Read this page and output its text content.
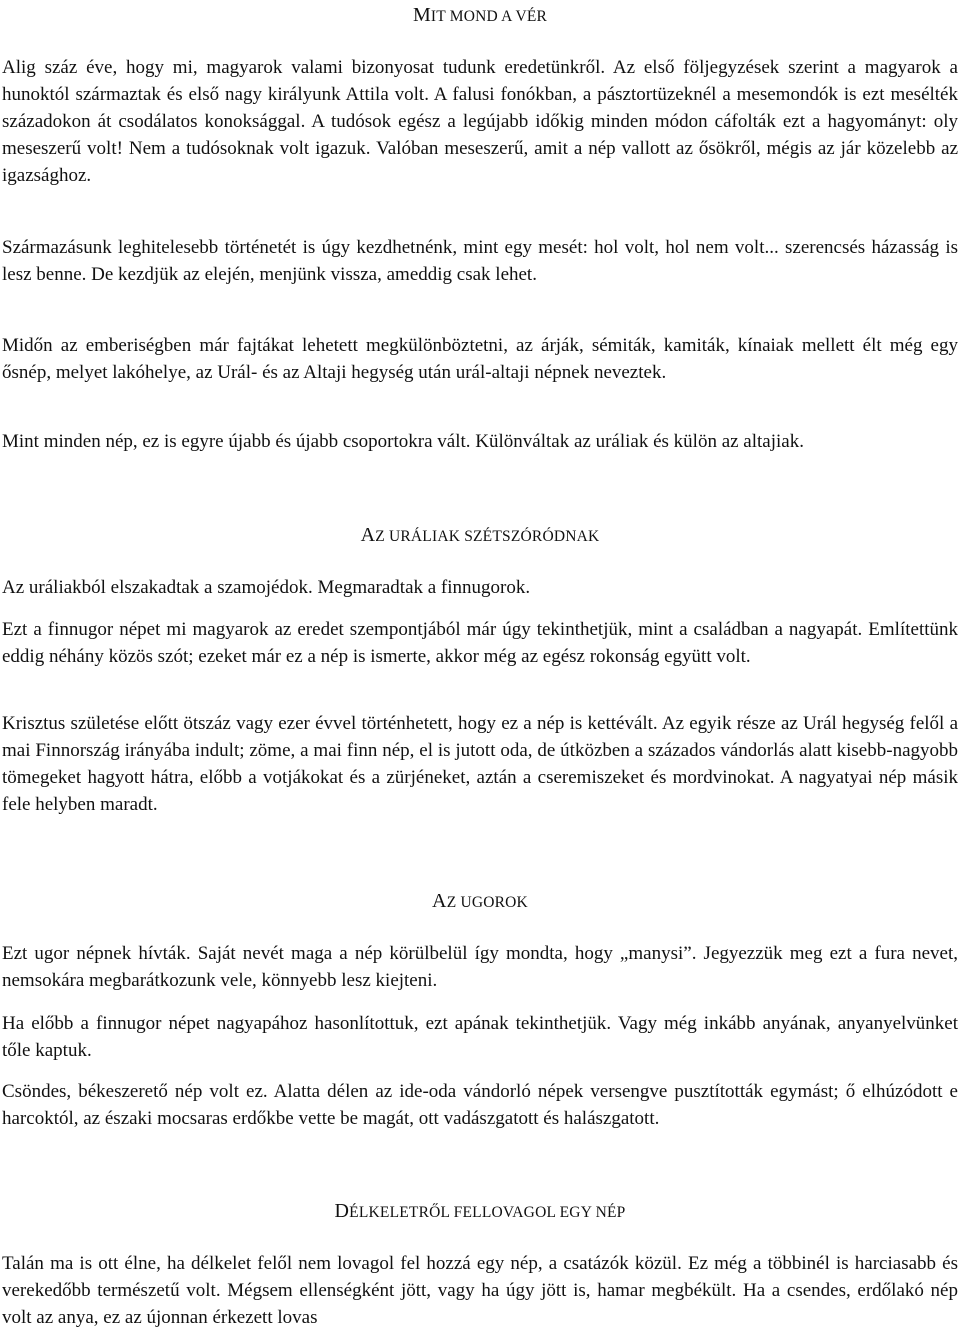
MIT MOND A VÉR

Alig száz éve, hogy mi, magyarok valami bizonyosat tudunk eredetünkről. Az első följegyzések szerint a magyarok a hunoktól származtak és első nagy királyunk Attila volt. A falusi fonókban, a pásztortüzeknél a mesemondók is ezt mesélték századokon át csodálatos konoksággal. A tudósok egész a legújabb időkig minden módon cáfolták ezt a hagyományt: oly meseszerű volt! Nem a tudósoknak volt igazuk. Valóban meseszerű, amit a nép vallott az ősökről, mégis az jár közelebb az igazsághoz.

Származásunk leghitelesebb történetét is úgy kezdhetnénk, mint egy mesét: hol volt, hol nem volt... szerencsés házasság is lesz benne. De kezdjük az elején, menjünk vissza, ameddig csak lehet.

Midőn az emberiségben már fajtákat lehetett megkülönböztetni, az árják, sémiták, kamiták, kínaiak mellett élt még egy ősnép, melyet lakóhelye, az Urál- és az Altaji hegység után urál-altaji népnek neveztek.

Mint minden nép, ez is egyre újabb és újabb csoportokra vált. Különváltak az uráliak és külön az altajiak.

AZ URÁLIAK SZÉTSZÓRÓDNAK

Az uráliakból elszakadtak a szamojédok. Megmaradtak a finnugorok.

Ezt a finnugor népet mi magyarok az eredet szempontjából már úgy tekinthetjük, mint a családban a nagyapát. Említettünk eddig néhány közös szót; ezeket már ez a nép is ismerte, akkor még az egész rokonság együtt volt.

Krisztus születése előtt ötszáz vagy ezer évvel történhetett, hogy ez a nép is kettévált. Az egyik része az Urál hegység felől a mai Finnország irányába indult; zöme, a mai finn nép, el is jutott oda, de útközben a százados vándorlás alatt kisebb-nagyobb tömegeket hagyott hátra, előbb a votjákokat és a zürjéneket, aztán a cseremiszeket és mordvinokat. A nagyatyai nép másik fele helyben maradt.

AZ UGOROK

Ezt ugor népnek hívták. Saját nevét maga a nép körülbelül így mondta, hogy „manysi”. Jegyezzük meg ezt a fura nevet, nemsokára megbarátkozunk vele, könnyebb lesz kiejteni.

Ha előbb a finnugor népet nagyapához hasonlítottuk, ezt apának tekinthetjük. Vagy még inkább anyának, anyanyelvünket tőle kaptuk.

Csöndes, békeszerető nép volt ez. Alatta délen az ide-oda vándorló népek versengve pusztították egymást; ő elhúzódott e harcoktól, az északi mocsaras erdőkbe vette be magát, ott vadászgatott és halászgatott.

DÉLKELETRŐL FELLOVAGOL EGY NÉP

Talán ma is ott élne, ha délkelet felől nem lovagol fel hozzá egy nép, a csatázók közül. Ez még a többinél is harciasabb és verekedőbb természetű volt. Mégsem ellenségként jött, vagy ha úgy jött is, hamar megbékült. Ha a csendes, erdőlakó nép volt az anya, ez az újonnan érkezett lovas
